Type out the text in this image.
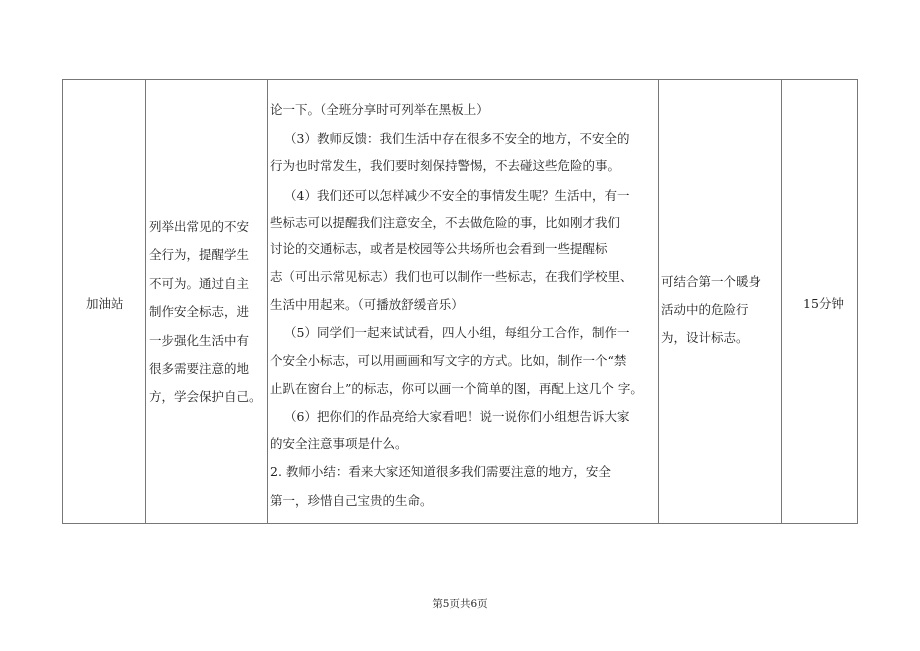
加油站
列举出常见的不安
全行为，提醒学生
不可为。通过自主
制作安全标志，进
一步强化生活中有
很多需要注意的地
方，学会保护自己。
论一下。（全班分享时可列举在黑板上）
（3）教师反馈：我们生活中存在很多不安全的地方，不安全的
行为也时常发生，我们要时刻保持警惕，不去碰这些危险的事。
（4）我们还可以怎样减少不安全的事情发生呢？生活中，有一
些标志可以提醒我们注意安全，不去做危险的事，比如刚才我们
讨论的交通标志，或者是校园等公共场所也会看到一些提醒标
志（可出示常见标志）我们也可以制作一些标志，在我们学校里、
生活中用起来。（可播放舒缓音乐）
（5）同学们一起来试试看，四人小组，每组分工合作，制作一
个安全小标志，可以用画画和写文字的方式。比如，制作一个“禁
止趴在窗台上”的标志，你可以画一个简单的图，再配上这几个 字。
（6）把你们的作品亮给大家看吧！说一说你们小组想告诉大家
的安全注意事项是什么。
2. 教师小结：看来大家还知道很多我们需要注意的地方，安全
第一，珍惜自己宝贵的生命。
可结合第一个暖身
活动中的危险行
为，设计标志。
15分钟
第5页共6页
